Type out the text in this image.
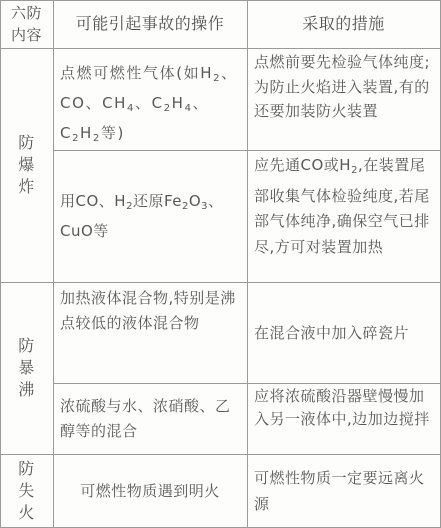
六防
内容
可能引起事故的操作	采取的措施
防爆炸
点燃可燃性气体(如$H_2$、CO、$CH_4$、$C_2H_4$、$C_2H_2$等)
点燃前要先检验气体纯度;为防止火焰进入装置,有的还要加装防火装置
用CO、$H_2$还原$Fe_2O_3$、CuO等
应先通CO或$H_2$,在装置尾部收集气体检验纯度,若尾部气体纯净,确保空气已排尽,方可对装置加热
防暴沸
加热液体混合物,特别是沸点较低的液体混合物
在混合液中加入碎瓷片
浓硫酸与水、浓硝酸、乙醇等的混合
应将浓硫酸沿器壁慢慢加入另一液体中,边加边搅拌
防失火
可燃性物质遇到明火
可燃性物质一定要远离火源
